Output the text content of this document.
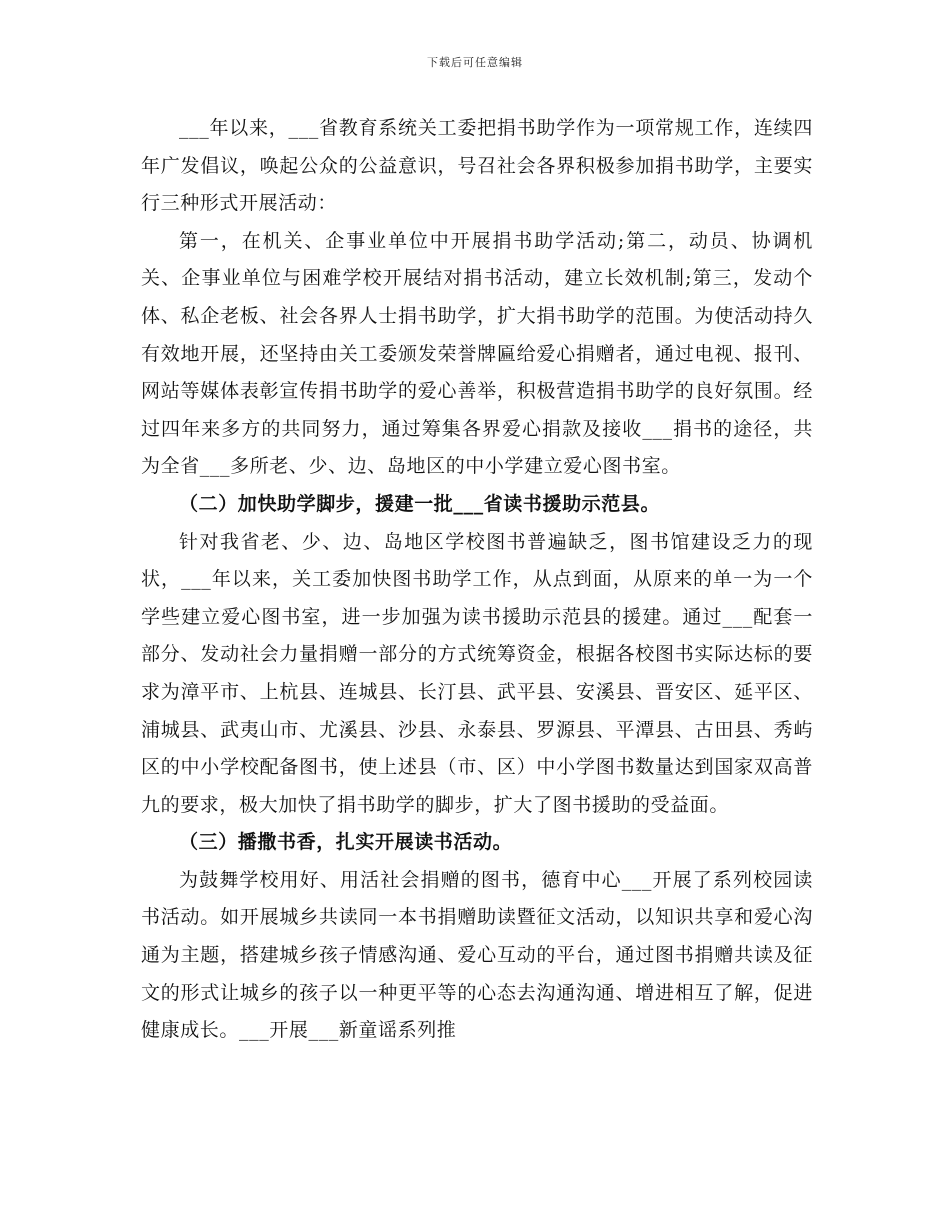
下载后可任意编辑

___年以来，___省教育系统关工委把捐书助学作为一项常规工作，连续四年广发倡议，唤起公众的公益意识，号召社会各界积极参加捐书助学，主要实行三种形式开展活动：

第一，在机关、企事业单位中开展捐书助学活动;第二，动员、协调机关、企事业单位与困难学校开展结对捐书活动，建立长效机制;第三，发动个体、私企老板、社会各界人士捐书助学，扩大捐书助学的范围。为使活动持久有效地开展，还坚持由关工委颁发荣誉牌匾给爱心捐赠者，通过电视、报刊、网站等媒体表彰宣传捐书助学的爱心善举，积极营造捐书助学的良好氛围。经过四年来多方的共同努力，通过筹集各界爱心捐款及接收___捐书的途径，共为全省___多所老、少、边、岛地区的中小学建立爱心图书室。

（二）加快助学脚步，援建一批___省读书援助示范县。

针对我省老、少、边、岛地区学校图书普遍缺乏，图书馆建设乏力的现状，___年以来，关工委加快图书助学工作，从点到面，从原来的单一为一个学些建立爱心图书室，进一步加强为读书援助示范县的援建。通过___配套一部分、发动社会力量捐赠一部分的方式统筹资金，根据各校图书实际达标的要求为漳平市、上杭县、连城县、长汀县、武平县、安溪县、晋安区、延平区、浦城县、武夷山市、尤溪县、沙县、永泰县、罗源县、平潭县、古田县、秀屿区的中小学校配备图书，使上述县（市、区）中小学图书数量达到国家双高普九的要求，极大加快了捐书助学的脚步，扩大了图书援助的受益面。

（三）播撒书香，扎实开展读书活动。

为鼓舞学校用好、用活社会捐赠的图书，德育中心___开展了系列校园读书活动。如开展城乡共读同一本书捐赠助读暨征文活动，以知识共享和爱心沟通为主题，搭建城乡孩子情感沟通、爱心互动的平台，通过图书捐赠共读及征文的形式让城乡的孩子以一种更平等的心态去沟通沟通、增进相互了解，促进健康成长。___开展___新童谣系列推
